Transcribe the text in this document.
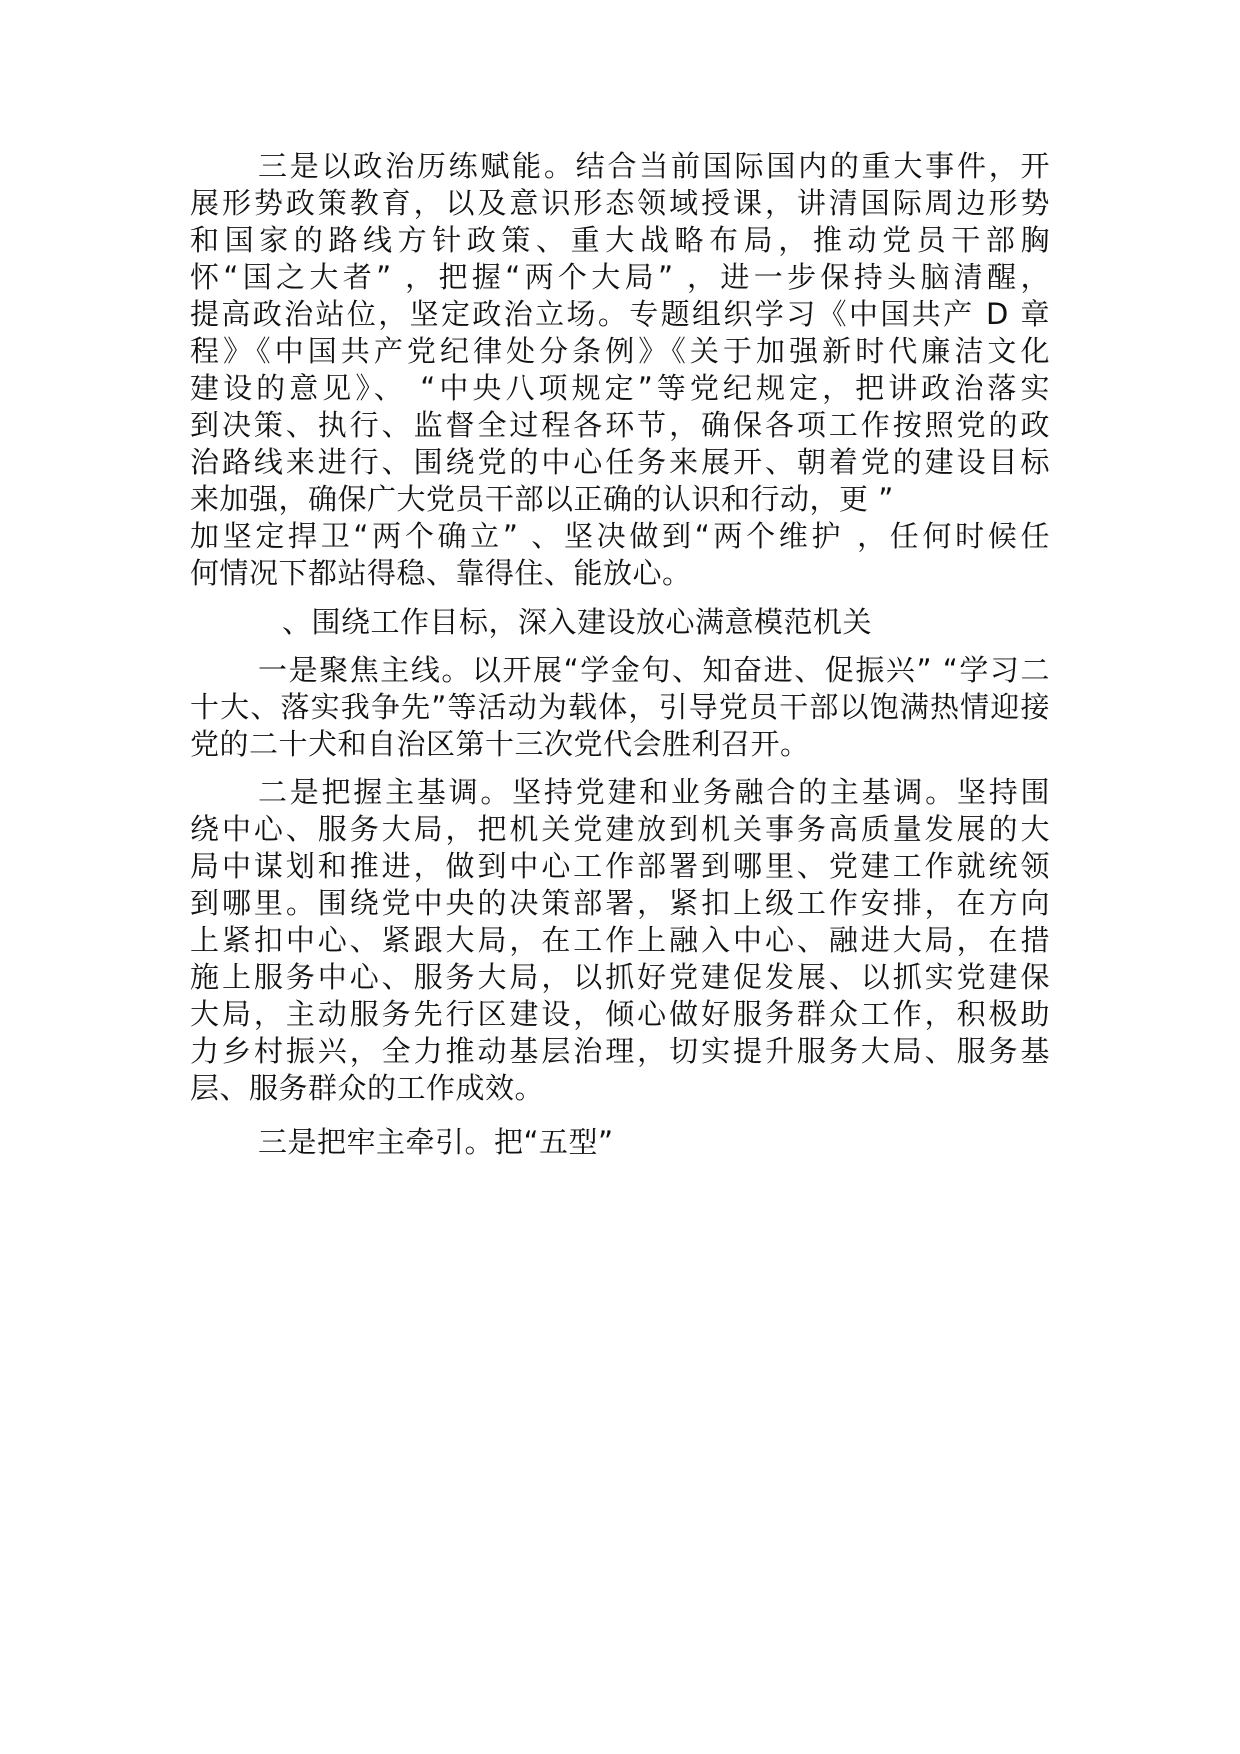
三是以政治历练赋能。结合当前国际国内的重大事件，开
展形势政策教育，以及意识形态领域授课，讲清国际周边形势
和国家的路线方针政策、重大战略布局，推动党员干部胸
怀“国之大者” ，把握“两个大局” ，进一步保持头脑清醒，
提高政治站位，坚定政治立场。专题组织学习《中国共产 D 章
程》《中国共产党纪律处分条例》《关于加强新时代廉洁文化
建设的意见》、 “中央八项规定”等党纪规定，把讲政治落实
到决策、执行、监督全过程各环节，确保各项工作按照党的政
治路线来进行、围绕党的中心任务来展开、朝着党的建设目标
来加强，确保广大党员干部以正确的认识和行动，更 ”
加坚定捍卫“两个确立” 、坚决做到“两个维护 ，任何时候任
何情况下都站得稳、靠得住、能放心。
、围绕工作目标，深入建设放心满意模范机关
一是聚焦主线。以开展“学金句、知奋进、促振兴” “学习二
十大、落实我争先”等活动为载体，引导党员干部以饱满热情迎接
党的二十犬和自治区第十三次党代会胜利召开。
二是把握主基调。坚持党建和业务融合的主基调。坚持围
绕中心、服务大局，把机关党建放到机关事务高质量发展的大
局中谋划和推进，做到中心工作部署到哪里、党建工作就统领
到哪里。围绕党中央的决策部署，紧扣上级工作安排，在方向
上紧扣中心、紧跟大局，在工作上融入中心、融进大局，在措
施上服务中心、服务大局，以抓好党建促发展、以抓实党建保
大局，主动服务先行区建设，倾心做好服务群众工作，积极助
力乡村振兴，全力推动基层治理，切实提升服务大局、服务基
层、服务群众的工作成效。
三是把牢主牵引。把“五型”
